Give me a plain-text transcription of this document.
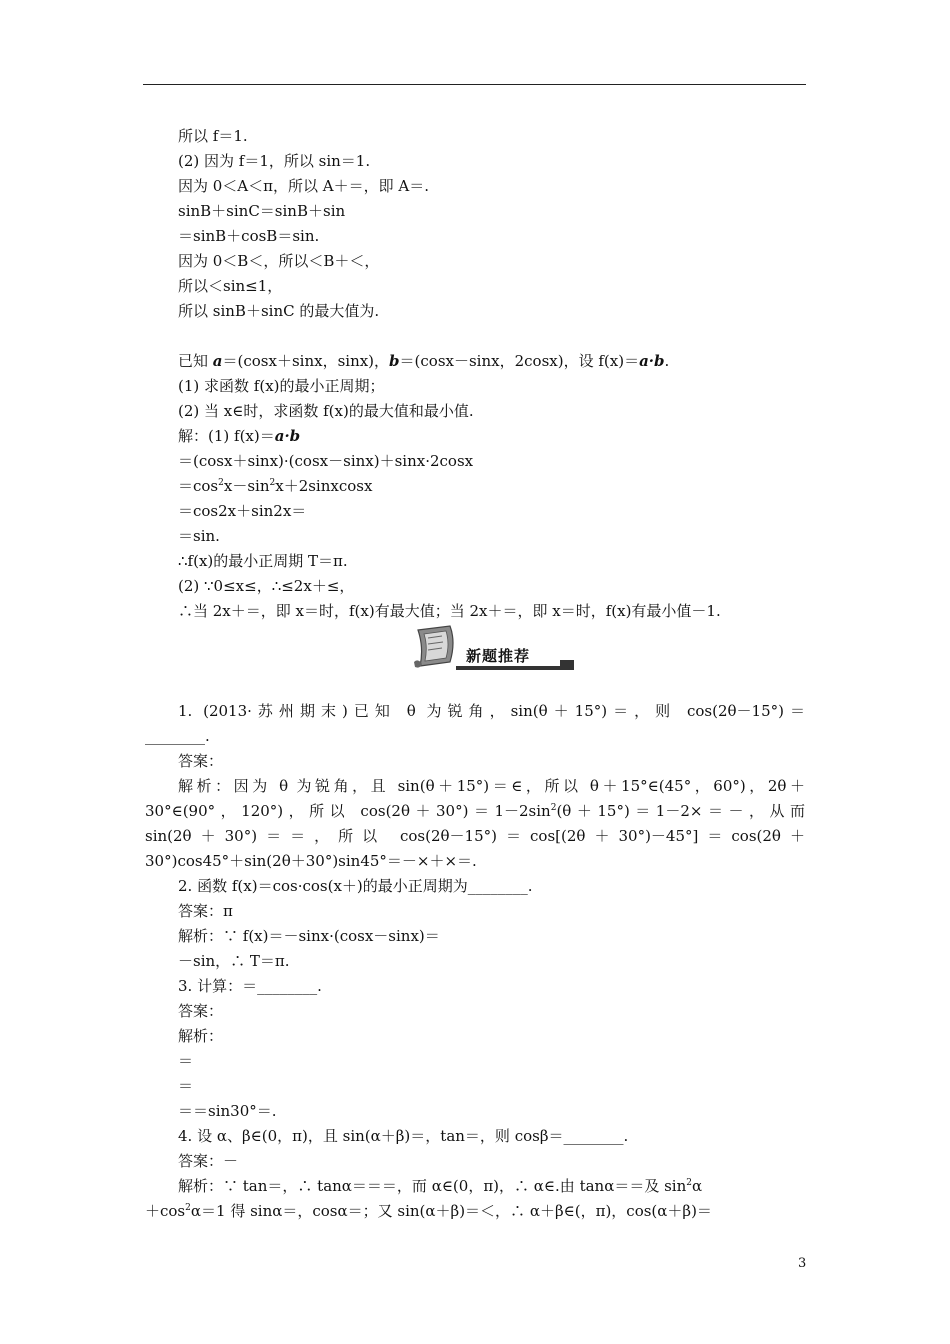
所以 f＝1.
(2) 因为 f＝1，所以 sin＝1.
因为 0＜A＜π，所以 A＋＝，即 A＝.
sinB＋sinC＝sinB＋sin
＝sinB＋cosB＝sin.
因为 0＜B＜，所以＜B＋＜，
所以＜sin≤1，
所以 sinB＋sinC 的最大值为.
已知 a＝(cosx＋sinx，sinx)，b＝(cosx－sinx，2cosx)，设 f(x)＝a·b.
(1) 求函数 f(x)的最小正周期；
(2) 当 x∈时，求函数 f(x)的最大值和最小值.
解：(1) f(x)＝a·b
＝(cosx＋sinx)·(cosx－sinx)＋sinx·2cosx
$=\cos^2x-\sin^2x+2sinxcosx$
＝cos2x＋sin2x＝
＝sin.
∴f(x)的最小正周期 T＝π.
(2) ∵0≤x≤，∴≤2x＋≤，
∴当 2x＋＝，即 x＝时，f(x)有最大值；当 2x＋＝，即 x＝时，f(x)有最小值－1.
新题推荐
1. (2013·苏州期末)已知 θ 为锐角，sin(θ＋15°)＝，则 cos(2θ－15°)＝
________.
答案：
解析：因为 θ 为锐角，且 sin(θ＋15°)＝∈，所以 θ＋15°∈(45°，60°)，2θ＋
30°∈(90°，120°)，所以 $\cos(2\theta+30^\circ)=1-2\sin^2(\theta+15^\circ)=1-2\times=-$，从而
sin(2θ＋30°)＝＝，所以 cos(2θ－15°)＝cos[(2θ＋30°)－45°]＝cos(2θ＋
30°)cos45°＋sin(2θ＋30°)sin45°＝－×＋×＝.
2. 函数 f(x)＝cos·cos(x＋)的最小正周期为________.
答案：π
解析：∵ f(x)＝－sinx·(cosx－sinx)＝
－sin，∴ T＝π.
3. 计算：＝________.
答案：
解析：
＝
＝
＝＝sin30°＝.
4. 设 α、β∈(0，π)，且 sin(α＋β)＝，tan＝，则 cosβ＝________.
答案：－
解析：∵ tan＝，∴ tanα＝＝＝，而 α∈(0，π)，∴ α∈.由 tanα＝＝及 $\sin^2\alpha$
$+\cos^2\alpha=1$ 得 sinα＝，cosα＝；又 sin(α＋β)＝＜，∴ α＋β∈(，π)，cos(α＋β)＝
3
